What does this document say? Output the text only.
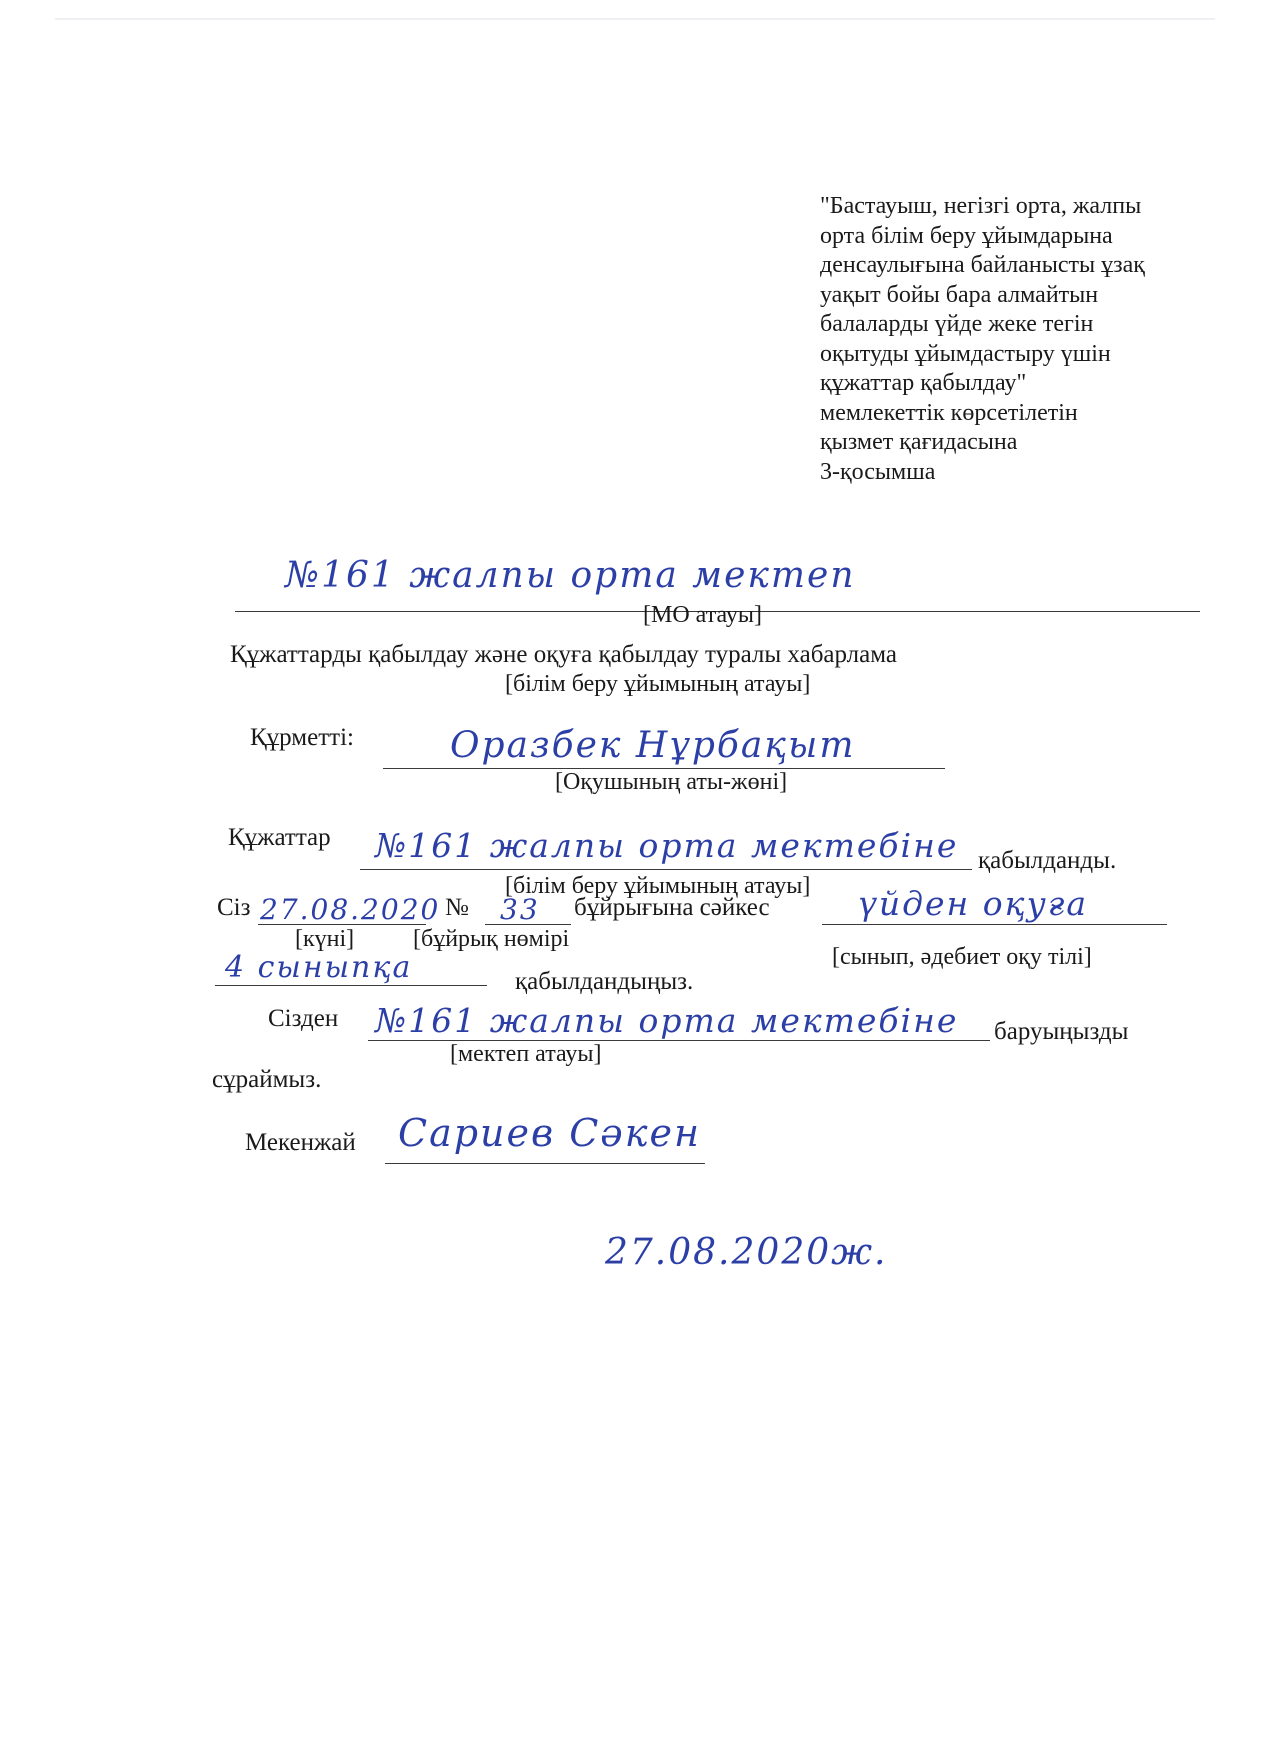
"Бастауыш, негізгі орта, жалпы
орта білім беру ұйымдарына
денсаулығына байланысты ұзақ
уақыт бойы бара алмайтын
балаларды үйде жеке тегін
оқытуды ұйымдастыру үшін
құжаттар қабылдау"
мемлекеттік көрсетілетін
қызмет қағидасына
3-қосымша
№161 жалпы орта мектеп
[МО атауы]
Құжаттарды қабылдау және оқуға қабылдау туралы хабарлама
[білім беру ұйымының атауы]
Құрметті:	Оразбек Нұрбақыт
[Оқушының аты-жөні]
Құжаттар №161 жалпы орта мектебіне қабылданды.
[білім беру ұйымының атауы]
Сіз 27.08.2020 № 33 бұйрығына сәйкес	үйден оқуға
[күні] [бұйрық нөмірі
[сынып, әдебиет оқу тілі]
4 сыныпқа	қабылдандыңыз.
Сізден №161 жалпы орта мектебіне баруыңызды
[мектеп атауы]
сұраймыз.
Мекенжай Сариев Сәкен
27.08.2020ж.
